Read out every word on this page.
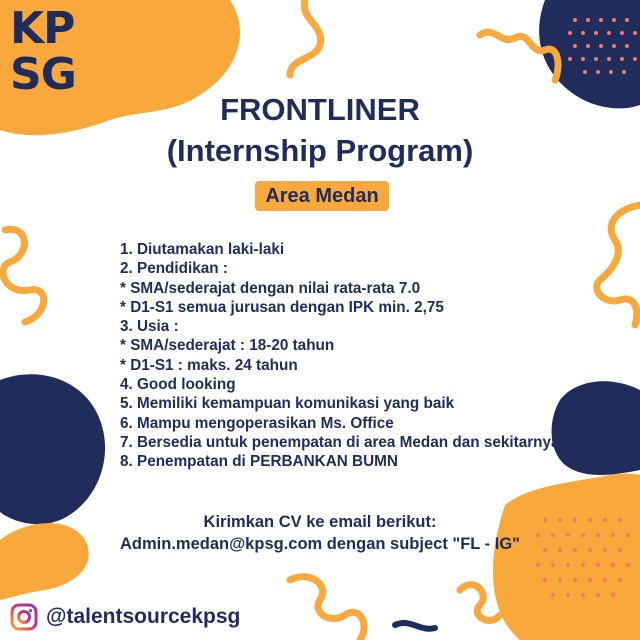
KP
SG
FRONTLINER
(Internship Program)
Area Medan
1. Diutamakan laki-laki
2. Pendidikan :
* SMA/sederajat dengan nilai rata-rata 7.0
* D1-S1 semua jurusan dengan IPK min. 2,75
3. Usia :
* SMA/sederajat : 18-20 tahun
* D1-S1 : maks. 24 tahun
4. Good looking
5. Memiliki kemampuan komunikasi yang baik
6. Mampu mengoperasikan Ms. Office
7. Bersedia untuk penempatan di area Medan dan sekitarnya
8. Penempatan di PERBANKAN BUMN
Kirimkan CV ke email berikut:
Admin.medan@kpsg.com dengan subject "FL - IG"
@talentsourcekpsg
